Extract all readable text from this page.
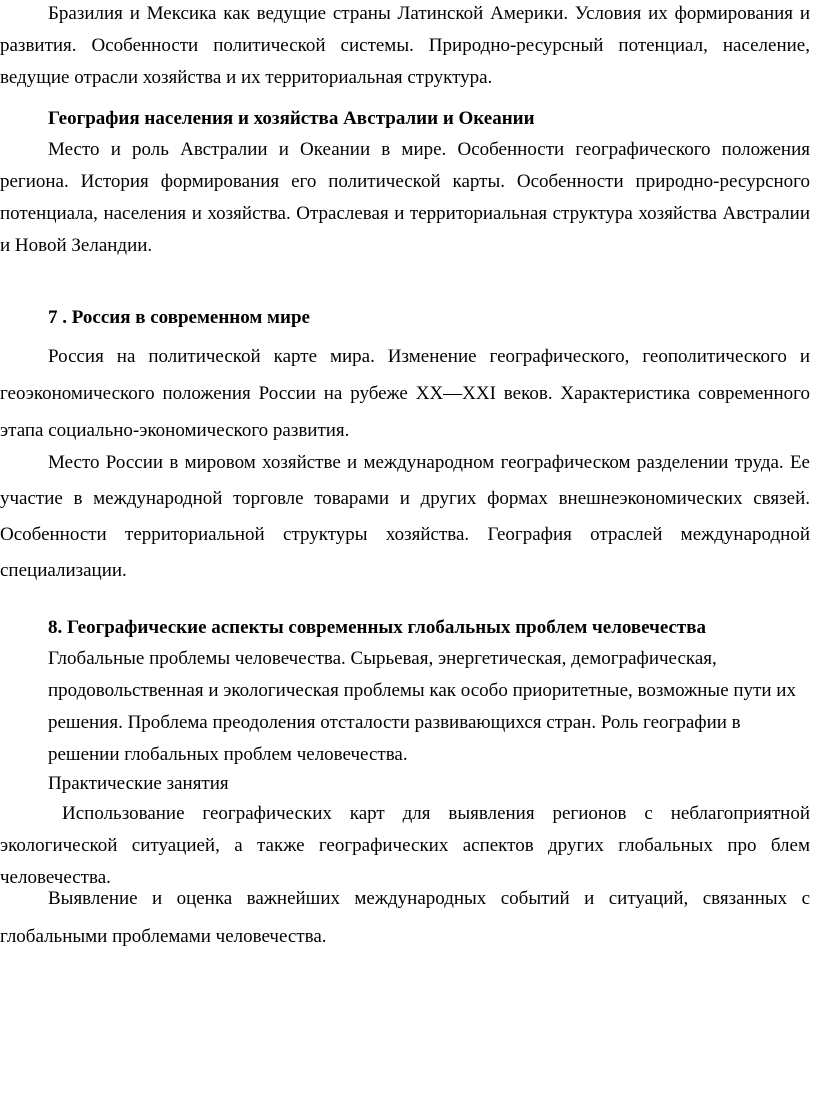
Бразилия и Мексика как ведущие страны Латинской Америки. Условия их формирования и развития. Особенности политической системы. Природно-ресурсный потенциал, население, ведущие отрасли хозяйства и их территориальная структура.

География населения и хозяйства Австралии и Океании

Место и роль Австралии и Океании в мире. Особенности географического положения региона. История формирования его политической карты. Особенности природно-ресурсного потенциала, населения и хозяйства. Отраслевая и территориальная структура хозяйства Австралии и Новой Зеландии.

7 . Россия в современном мире

Россия на политической карте мира. Изменение географического, геополитического и геоэкономического положения России на рубеже XX—XXI веков. Характеристика современного этапа социально-экономического развития.

Место России в мировом хозяйстве и международном географическом разделении труда. Ее участие в международной торговле товарами и других формах внешнеэкономических связей. Особенности территориальной структуры хозяйства. География отраслей международной специализации.

8. Географические аспекты современных глобальных проблем человечества

Глобальные проблемы человечества. Сырьевая, энергетическая, демографическая, продовольственная и экологическая проблемы как особо приоритетные, возможные пути их решения. Проблема преодоления отсталости развивающихся стран. Роль географии в решении глобальных проблем человечества.

Практические занятия

Использование географических карт для выявления регионов с неблагоприятной экологической ситуацией, а также географических аспектов других глобальных про блем человечества.

Выявление и оценка важнейших международных событий и ситуаций, связанных с глобальными проблемами человечества.
